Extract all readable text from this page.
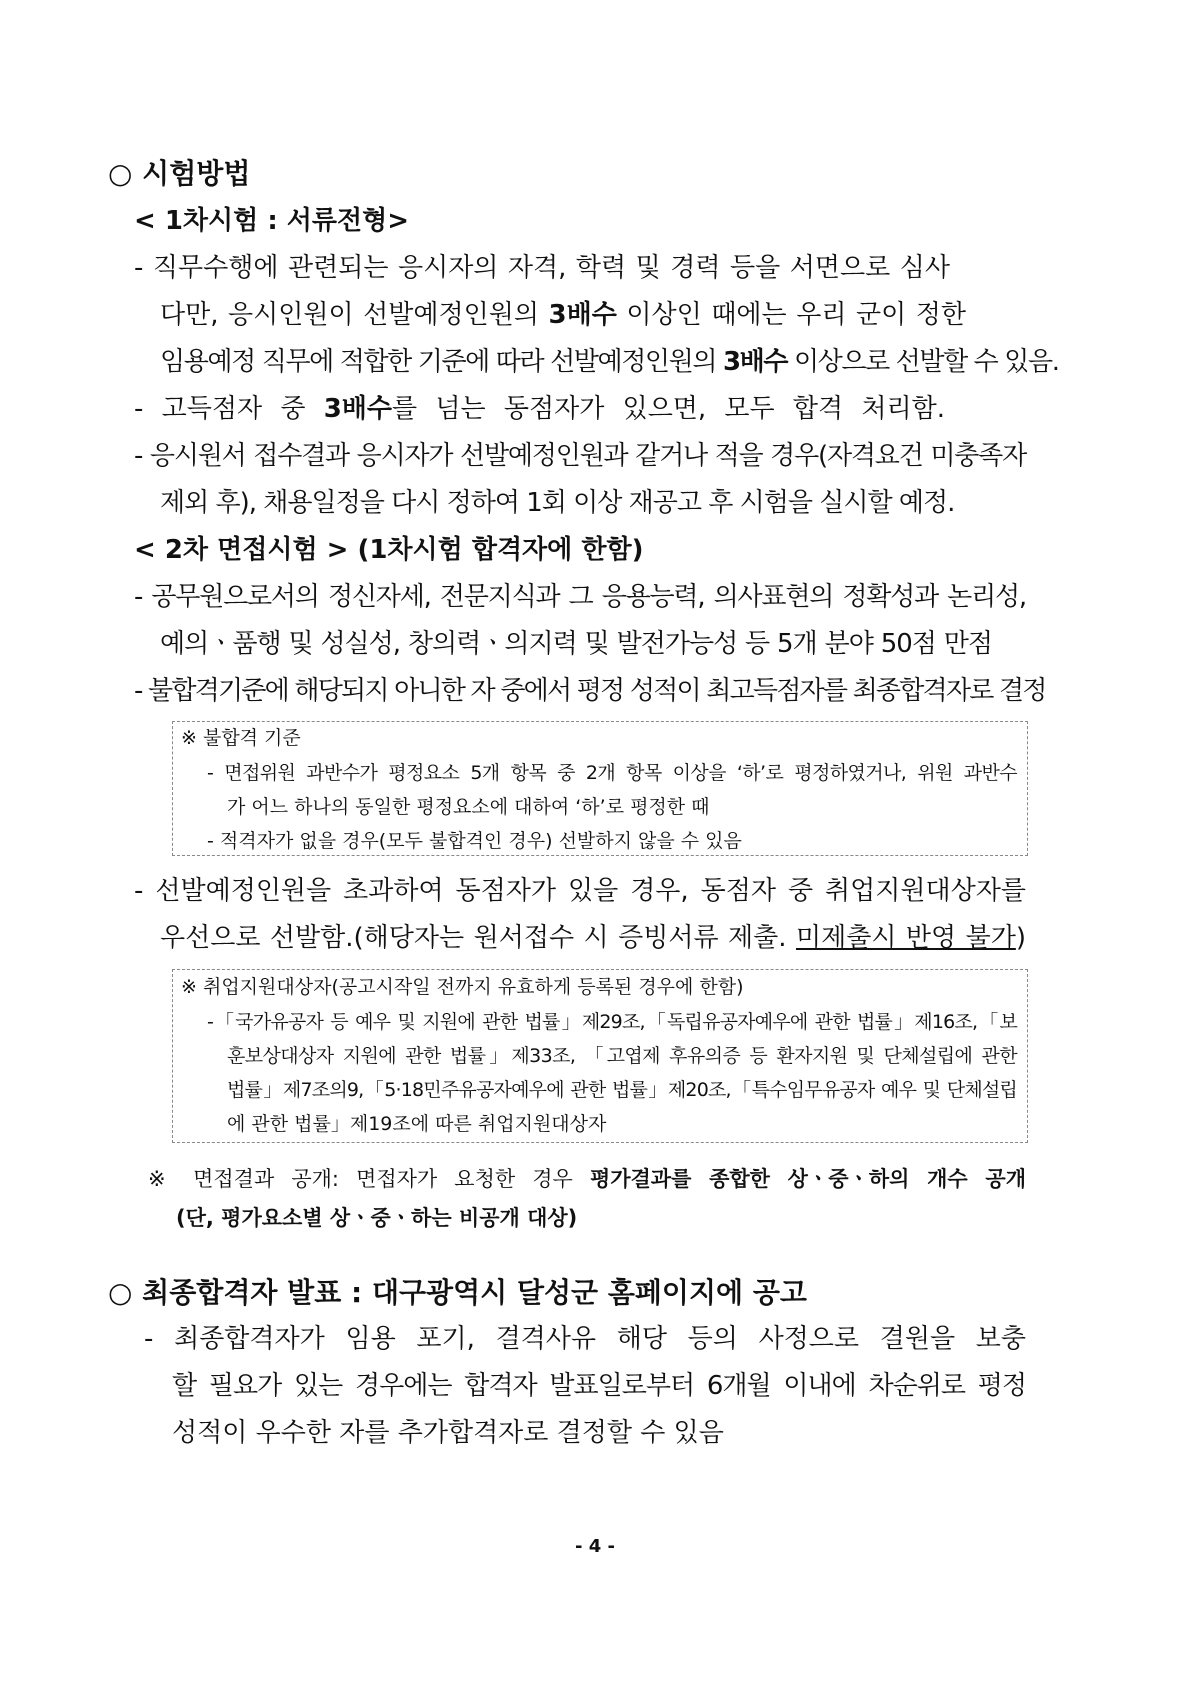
○ 시험방법
< 1차시험 : 서류전형>
- 직무수행에 관련되는 응시자의 자격, 학력 및 경력 등을 서면으로 심사
다만, 응시인원이 선발예정인원의 3배수 이상인 때에는 우리 군이 정한
임용예정 직무에 적합한 기준에 따라 선발예정인원의 3배수 이상으로 선발할 수 있음.
- 고득점자 중 3배수를 넘는 동점자가 있으면, 모두 합격 처리함.
- 응시원서 접수결과 응시자가 선발예정인원과 같거나 적을 경우(자격요건 미충족자
제외 후), 채용일정을 다시 정하여 1회 이상 재공고 후 시험을 실시할 예정.
< 2차 면접시험 > (1차시험 합격자에 한함)
- 공무원으로서의 정신자세, 전문지식과 그 응용능력, 의사표현의 정확성과 논리성,
예의ㆍ품행 및 성실성, 창의력ㆍ의지력 및 발전가능성 등 5개 분야 50점 만점
- 불합격기준에 해당되지 아니한 자 중에서 평정 성적이 최고득점자를 최종합격자로 결정
※ 불합격 기준
- 면접위원 과반수가 평정요소 5개 항목 중 2개 항목 이상을 ‘하’로 평정하였거나, 위원 과반수
가 어느 하나의 동일한 평정요소에 대하여 ‘하’로 평정한 때
- 적격자가 없을 경우(모두 불합격인 경우) 선발하지 않을 수 있음
- 선발예정인원을 초과하여 동점자가 있을 경우, 동점자 중 취업지원대상자를
우선으로 선발함.(해당자는 원서접수 시 증빙서류 제출. 미제출시 반영 불가)
※ 취업지원대상자(공고시작일 전까지 유효하게 등록된 경우에 한함)
-「국가유공자 등 예우 및 지원에 관한 법률」제29조,「독립유공자예우에 관한 법률」제16조,「보
훈보상대상자 지원에 관한 법률」제33조, 「고엽제 후유의증 등 환자지원 및 단체설립에 관한
법률」제7조의9,「5·18민주유공자예우에 관한 법률」제20조,「특수임무유공자 예우 및 단체설립
에 관한 법률」제19조에 따른 취업지원대상자
※ 면접결과 공개: 면접자가 요청한 경우 평가결과를 종합한 상ㆍ중ㆍ하의 개수 공개
(단, 평가요소별 상ㆍ중ㆍ하는 비공개 대상)
○ 최종합격자 발표 : 대구광역시 달성군 홈페이지에 공고
- 최종합격자가 임용 포기, 결격사유 해당 등의 사정으로 결원을 보충
할 필요가 있는 경우에는 합격자 발표일로부터 6개월 이내에 차순위로 평정
성적이 우수한 자를 추가합격자로 결정할 수 있음
- 4 -
